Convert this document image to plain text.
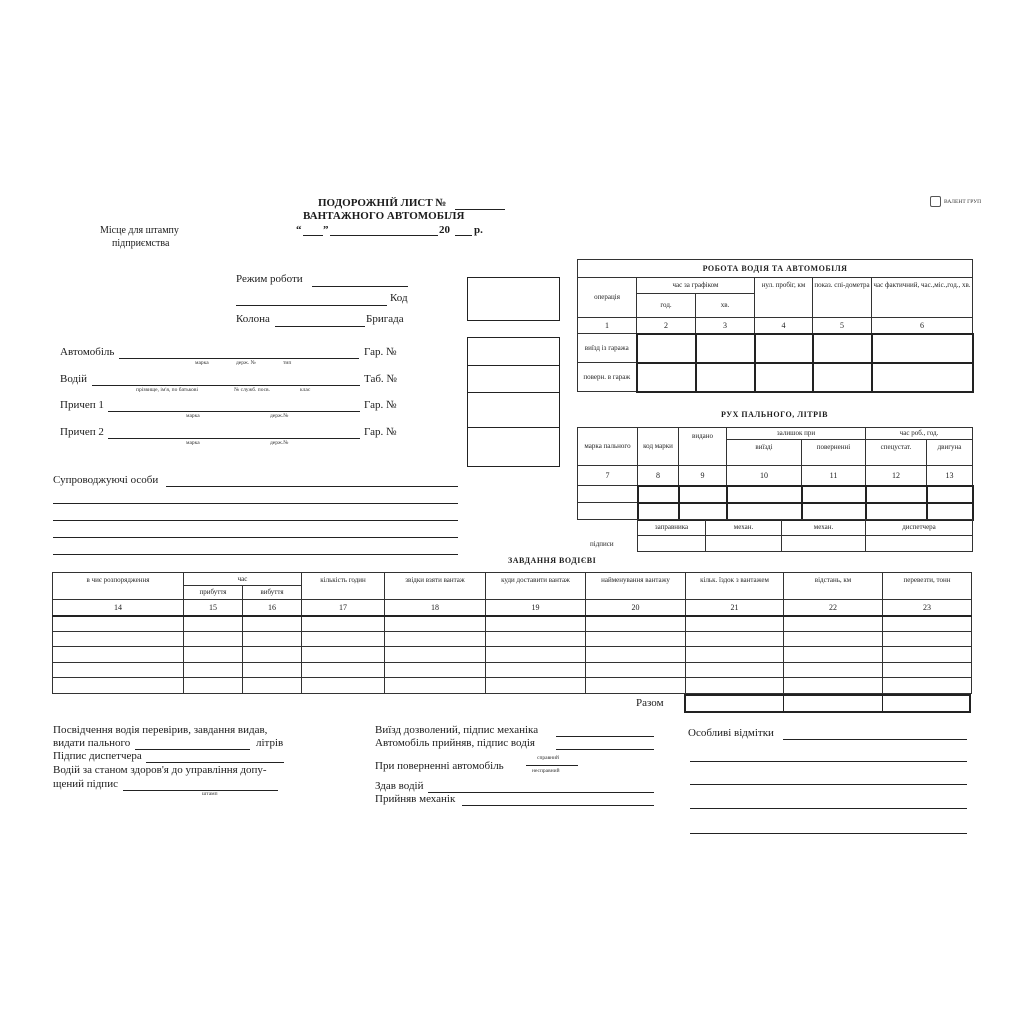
ВАЛЕНТ ГРУП
ПОДОРОЖНІЙ ЛИСТ №
ВАНТАЖНОГО АВТОМОБІЛЯ
“ ”	20 р.
Місце для штампу
підприємства
Режим роботи
Код
Колона	Бригада
Автомобіль
марка	держ. №	тип
Гар. №
Водій
прізвище, ім'я, по батькові	№ служб. посв.	клас
Таб. №
Причеп 1
марка	держ.№
Гар. №
Причеп 2
марка	держ.№
Гар. №
Супроводжуючі особи
РОБОТА ВОДІЯ ТА АВТОМОБІЛЯ					
операція	час за графіком		нул. пробіг, км	показ. спі-дометра	час фактичний, час.,міс.,год., хв.
	год.	хв.			
1	2	3	4	5	6
виїзд із гаража					
поверн. в гараж					
РУХ ПАЛЬНОГО, ЛІТРІВ
марка пального	код марки	видано	залишок при		час роб., год.	
			виїзді	поверненні	спецустат.	двигуна
7	8	9	10	11	12	13

заправника	механ.	механ.	диспетчера

підписи
ЗАВДАННЯ ВОДІЄВІ
в чиє розпорядження	час		кількість годин	звідки взяти вантаж	куди доставити вантаж	найменування вантажу	кільк. їздок з вантажем	відстань, км	перевезти, тонн
	прибуття	вибуття							
14	15	16	17	18	19	20	21	22	23

Разом
Посвідчення водія перевірив, завдання видав,
видати пального	літрів
Підпис диспетчера
Водій за станом здоров'я до управління допу-
щений підпис
штамп
Виїзд дозволений, підпис механіка
Автомобіль прийняв, підпис водія
При поверненні автомобіль
справний
несправний
Здав водій
Прийняв механік
Особливі відмітки
